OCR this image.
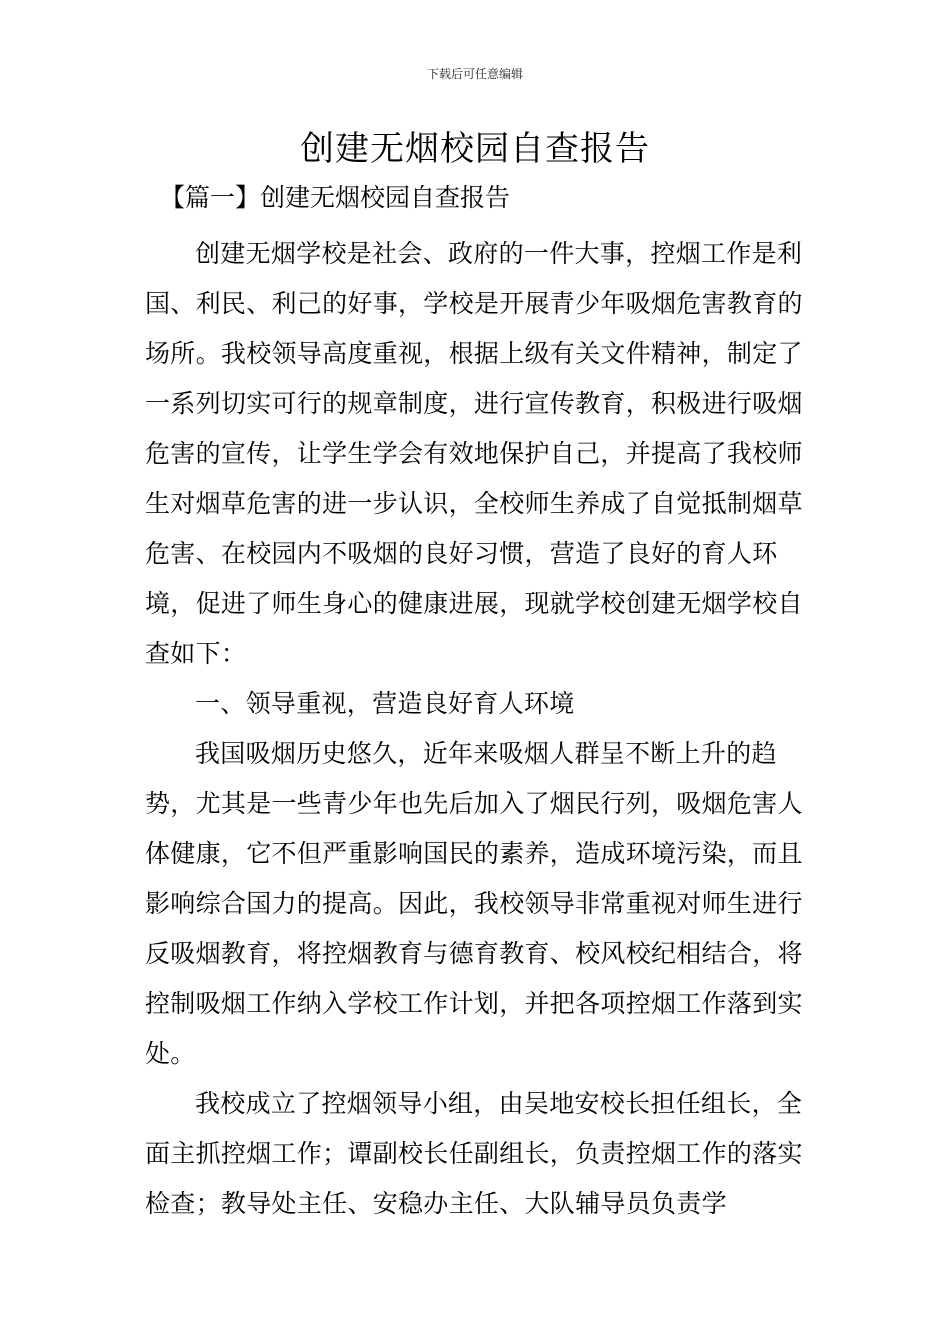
下载后可任意编辑
创建无烟校园自查报告
【篇一】创建无烟校园自查报告

创建无烟学校是社会、政府的一件大事，控烟工作是利国、利民、利己的好事，学校是开展青少年吸烟危害教育的场所。我校领导高度重视，根据上级有关文件精神，制定了一系列切实可行的规章制度，进行宣传教育，积极进行吸烟危害的宣传，让学生学会有效地保护自己，并提高了我校师生对烟草危害的进一步认识，全校师生养成了自觉抵制烟草危害、在校园内不吸烟的良好习惯，营造了良好的育人环境，促进了师生身心的健康进展，现就学校创建无烟学校自查如下：

一、领导重视，营造良好育人环境

我国吸烟历史悠久，近年来吸烟人群呈不断上升的趋势，尤其是一些青少年也先后加入了烟民行列，吸烟危害人体健康，它不但严重影响国民的素养，造成环境污染，而且影响综合国力的提高。因此，我校领导非常重视对师生进行反吸烟教育，将控烟教育与德育教育、校风校纪相结合，将控制吸烟工作纳入学校工作计划，并把各项控烟工作落到实处。

我校成立了控烟领导小组，由吴地安校长担任组长，全面主抓控烟工作；谭副校长任副组长，负责控烟工作的落实检查；教导处主任、安稳办主任、大队辅导员负责学
